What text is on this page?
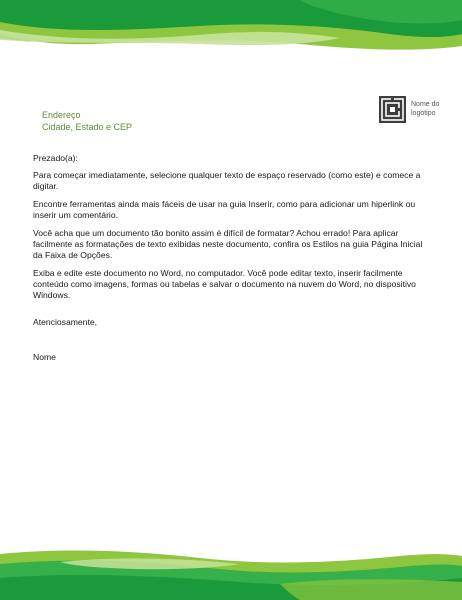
Endereço
Cidade, Estado e CEP
Nome do
logotipo

Prezado(a):

Para começar imediatamente, selecione qualquer texto de espaço reservado (como este) e comece a digitar.

Encontre ferramentas ainda mais fáceis de usar na guia Inserir, como para adicionar um hiperlink ou inserir um comentário.

Você acha que um documento tão bonito assim é difícil de formatar? Achou errado! Para aplicar facilmente as formatações de texto exibidas neste documento, confira os Estilos na guia Página Inicial da Faixa de Opções.

Exiba e edite este documento no Word, no computador. Você pode editar texto, inserir facilmente conteúdo como imagens, formas ou tabelas e salvar o documento na nuvem do Word, no dispositivo Windows.

Atenciosamente,
Nome
